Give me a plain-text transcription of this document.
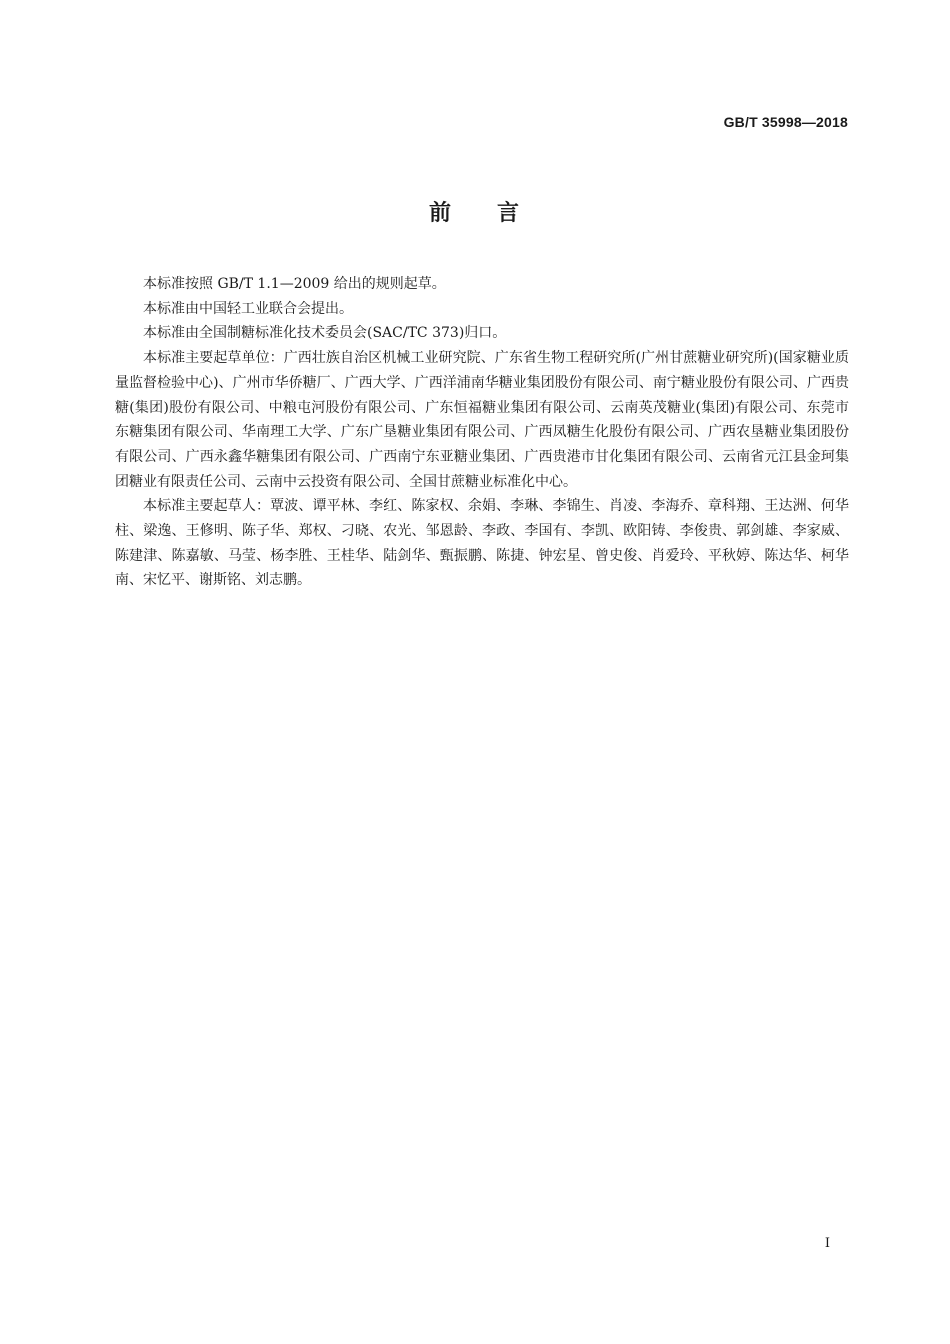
GB/T 35998—2018
前 言

本标准按照 GB/T 1.1—2009 给出的规则起草。

本标准由中国轻工业联合会提出。

本标准由全国制糖标准化技术委员会(SAC/TC 373)归口。

本标准主要起草单位：广西壮族自治区机械工业研究院、广东省生物工程研究所(广州甘蔗糖业研究所)(国家糖业质量监督检验中心)、广州市华侨糖厂、广西大学、广西洋浦南华糖业集团股份有限公司、南宁糖业股份有限公司、广西贵糖(集团)股份有限公司、中粮屯河股份有限公司、广东恒福糖业集团有限公司、云南英茂糖业(集团)有限公司、东莞市东糖集团有限公司、华南理工大学、广东广垦糖业集团有限公司、广西凤糖生化股份有限公司、广西农垦糖业集团股份有限公司、广西永鑫华糖集团有限公司、广西南宁东亚糖业集团、广西贵港市甘化集团有限公司、云南省元江县金珂集团糖业有限责任公司、云南中云投资有限公司、全国甘蔗糖业标准化中心。

本标准主要起草人：覃波、谭平林、李红、陈家权、余娟、李琳、李锦生、肖凌、李海乔、章科翔、王达洲、何华柱、梁逸、王修明、陈子华、郑权、刁晓、农光、邹恩龄、李政、李国有、李凯、欧阳铸、李俊贵、郭剑雄、李家威、陈建津、陈嘉敏、马莹、杨李胜、王桂华、陆剑华、甄振鹏、陈捷、钟宏星、曾史俊、肖爱玲、平秋婷、陈达华、柯华南、宋忆平、谢斯铭、刘志鹏。

I
